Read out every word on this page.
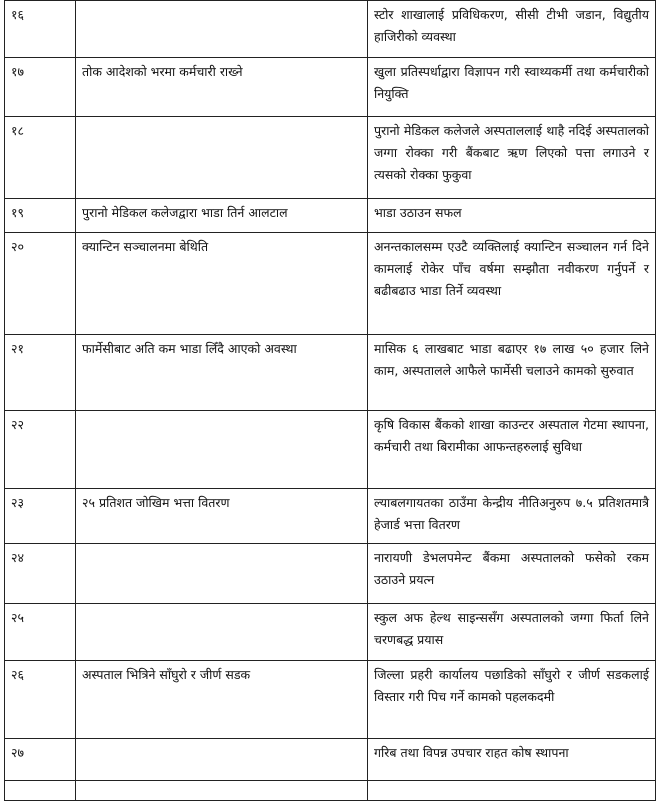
१६		स्टोर शाखालाई प्रविधिकरण, सीसी टीभी जडान, विद्युतीय हाजिरीको व्यवस्था
१७	तोक आदेशको भरमा कर्मचारी राख्ने	खुला प्रतिस्पर्धाद्वारा विज्ञापन गरी स्वाथ्यकर्मी तथा कर्मचारीको नियुक्ति
१८		पुरानो मेडिकल कलेजले अस्पताललाई थाहै नदिई अस्पतालको जग्गा रोक्का गरी बैंकबाट ऋण लिएको पत्ता लगाउने र त्यसको रोक्का फुकुवा
१९	पुरानो मेडिकल कलेजद्वारा भाडा तिर्न आलटाल	भाडा उठाउन सफल
२०	क्यान्टिन सञ्चालनमा बेथिति	अनन्तकालसम्म एउटै व्यक्तिलाई क्यान्टिन सञ्चालन गर्न दिने कामलाई रोकेर पाँच वर्षमा सम्झौता नवीकरण गर्नुपर्ने र बढीबढाउ भाडा तिर्ने व्यवस्था
२१	फार्मेसीबाट अति कम भाडा लिँदै आएको अवस्था	मासिक ६ लाखबाट भाडा बढाएर १७ लाख ५० हजार लिने काम, अस्पतालले आफैले फार्मेसी चलाउने कामको सुरुवात
२२		कृषि विकास बैंकको शाखा काउन्टर अस्पताल गेटमा स्थापना, कर्मचारी तथा बिरामीका आफन्तहरुलाई सुविधा
२३	२५ प्रतिशत जोखिम भत्ता वितरण	ल्याबलगायतका ठाउँमा केन्द्रीय नीतिअनुरुप ७.५ प्रतिशतमात्रै हेजार्ड भत्ता वितरण
२४		नारायणी डेभलपमेन्ट बैंकमा अस्पतालको फसेको रकम उठाउने प्रयत्न
२५		स्कुल अफ हेल्थ साइन्ससँग अस्पतालको जग्गा फिर्ता लिने चरणबद्ध प्रयास
२६	अस्पताल भित्रिने साँघुरो र जीर्ण सडक	जिल्ला प्रहरी कार्यालय पछाडिको साँघुरो र जीर्ण सडकलाई विस्तार गरी पिच गर्ने कामको पहलकदमी
२७		गरिब तथा विपन्न उपचार राहत कोष स्थापना
